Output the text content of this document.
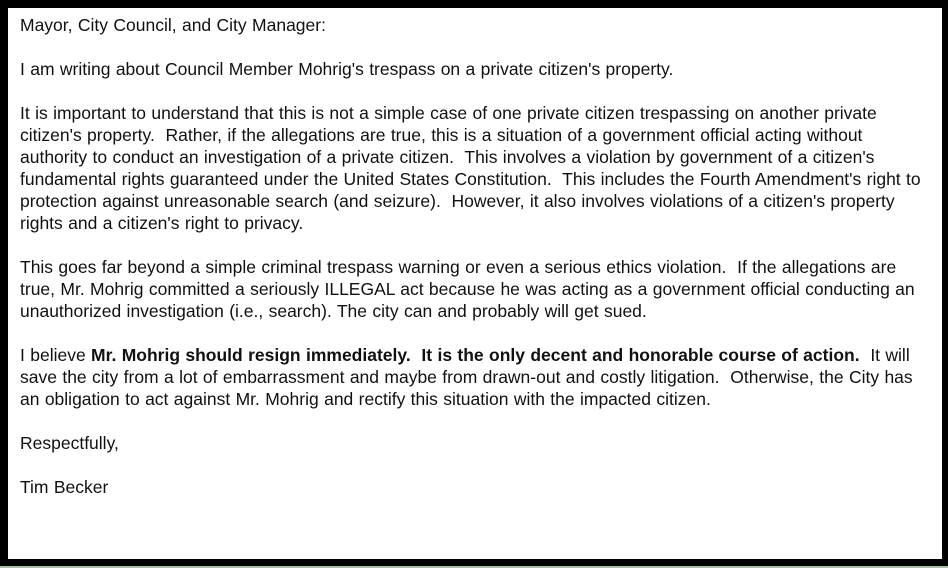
Mayor, City Council, and City Manager:

I am writing about Council Member Mohrig's trespass on a private citizen's property.

It is important to understand that this is not a simple case of one private citizen trespassing on another private citizen's property.  Rather, if the allegations are true, this is a situation of a government official acting without authority to conduct an investigation of a private citizen.  This involves a violation by government of a citizen's fundamental rights guaranteed under the United States Constitution.  This includes the Fourth Amendment's right to protection against unreasonable search (and seizure).  However, it also involves violations of a citizen's property rights and a citizen's right to privacy.

This goes far beyond a simple criminal trespass warning or even a serious ethics violation.  If the allegations are true, Mr. Mohrig committed a seriously ILLEGAL act because he was acting as a government official conducting an unauthorized investigation (i.e., search). The city can and probably will get sued.

I believe Mr. Mohrig should resign immediately.  It is the only decent and honorable course of action.  It will save the city from a lot of embarrassment and maybe from drawn-out and costly litigation.  Otherwise, the City has an obligation to act against Mr. Mohrig and rectify this situation with the impacted citizen.

Respectfully,

Tim Becker
